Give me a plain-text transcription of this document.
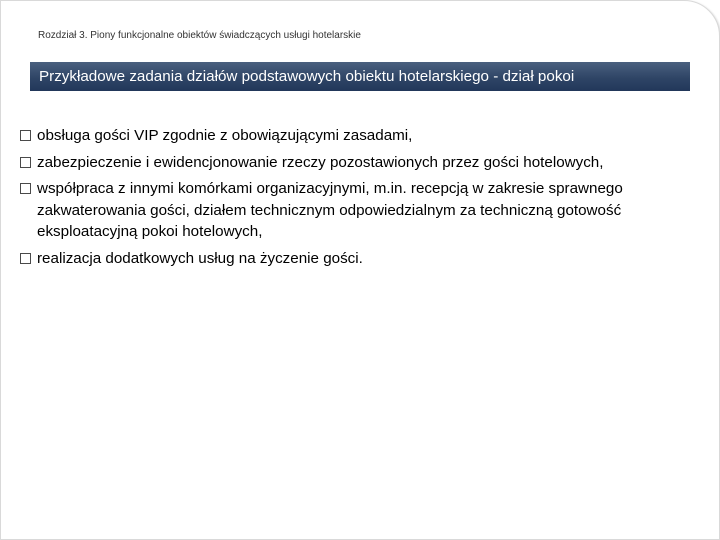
Rozdział 3. Piony funkcjonalne obiektów świadczących usługi hotelarskie
Przykładowe zadania działów podstawowych obiektu hotelarskiego - dział pokoi
obsługa gości VIP zgodnie z obowiązującymi zasadami,
zabezpieczenie i ewidencjonowanie rzeczy pozostawionych przez gości hotelowych,
współpraca z innymi komórkami organizacyjnymi, m.in. recepcją w zakresie sprawnego zakwaterowania gości, działem technicznym odpowiedzialnym za techniczną gotowość eksploatacyjną pokoi hotelowych,
realizacja dodatkowych usług na życzenie gości.
